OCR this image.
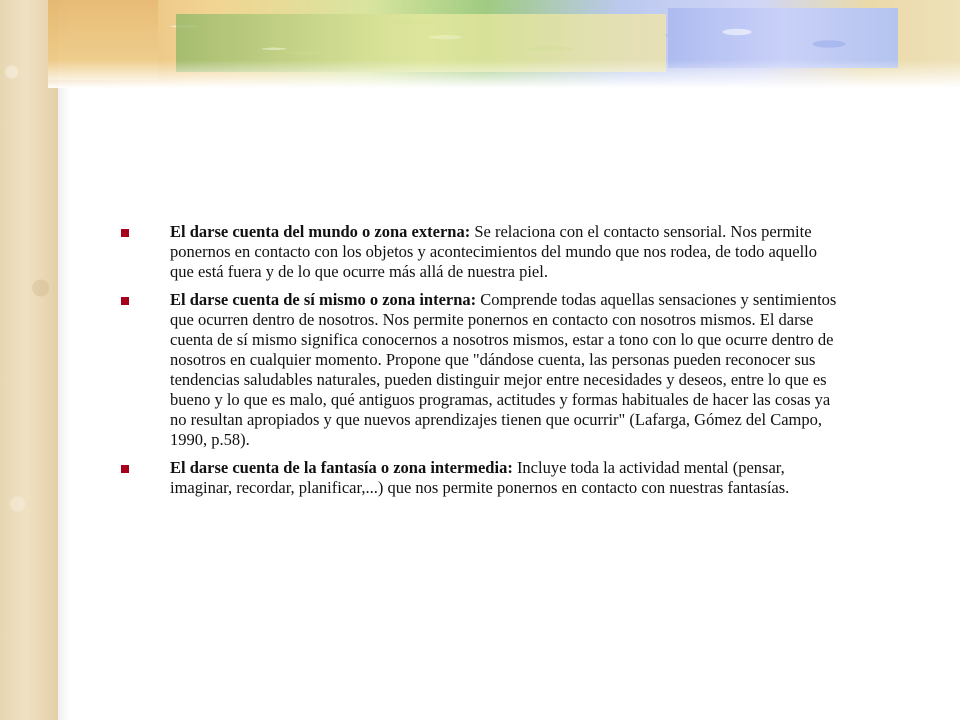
El darse cuenta del mundo o zona externa: Se relaciona con el contacto sensorial. Nos permite ponernos en contacto con los objetos y acontecimientos del mundo que nos rodea, de todo aquello que está fuera y de lo que ocurre más allá de nuestra piel.
El darse cuenta de sí mismo o zona interna: Comprende todas aquellas sensaciones y sentimientos que ocurren dentro de nosotros. Nos permite ponernos en contacto con nosotros mismos. El darse cuenta de sí mismo significa conocernos a nosotros mismos, estar a tono con lo que ocurre dentro de nosotros en cualquier momento. Propone que "dándose cuenta, las personas pueden reconocer sus tendencias saludables naturales, pueden distinguir mejor entre necesidades y deseos, entre lo que es bueno y lo que es malo, qué antiguos programas, actitudes y formas habituales de hacer las cosas ya no resultan apropiados y que nuevos aprendizajes tienen que ocurrir" (Lafarga, Gómez del Campo, 1990, p.58).
El darse cuenta de la fantasía o zona intermedia: Incluye toda la actividad mental (pensar, imaginar, recordar, planificar,...) que nos permite ponernos en contacto con nuestras fantasías.
